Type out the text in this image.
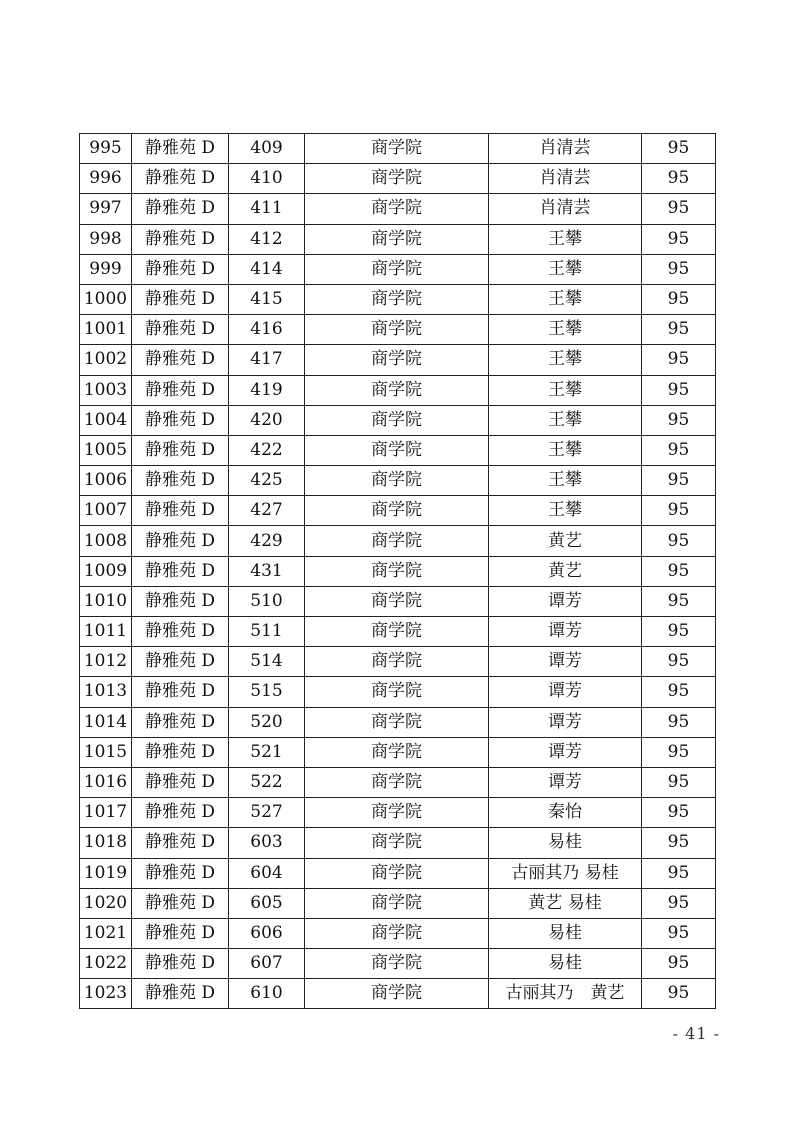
995	静雅苑 D	409	商学院	肖清芸	95
996	静雅苑 D	410	商学院	肖清芸	95
997	静雅苑 D	411	商学院	肖清芸	95
998	静雅苑 D	412	商学院	王攀	95
999	静雅苑 D	414	商学院	王攀	95
1000	静雅苑 D	415	商学院	王攀	95
1001	静雅苑 D	416	商学院	王攀	95
1002	静雅苑 D	417	商学院	王攀	95
1003	静雅苑 D	419	商学院	王攀	95
1004	静雅苑 D	420	商学院	王攀	95
1005	静雅苑 D	422	商学院	王攀	95
1006	静雅苑 D	425	商学院	王攀	95
1007	静雅苑 D	427	商学院	王攀	95
1008	静雅苑 D	429	商学院	黄艺	95
1009	静雅苑 D	431	商学院	黄艺	95
1010	静雅苑 D	510	商学院	谭芳	95
1011	静雅苑 D	511	商学院	谭芳	95
1012	静雅苑 D	514	商学院	谭芳	95
1013	静雅苑 D	515	商学院	谭芳	95
1014	静雅苑 D	520	商学院	谭芳	95
1015	静雅苑 D	521	商学院	谭芳	95
1016	静雅苑 D	522	商学院	谭芳	95
1017	静雅苑 D	527	商学院	秦怡	95
1018	静雅苑 D	603	商学院	易桂	95
1019	静雅苑 D	604	商学院	古丽其乃 易桂	95
1020	静雅苑 D	605	商学院	黄艺 易桂	95
1021	静雅苑 D	606	商学院	易桂	95
1022	静雅苑 D	607	商学院	易桂	95
1023	静雅苑 D	610	商学院	古丽其乃　黄艺	95
- 41 -
